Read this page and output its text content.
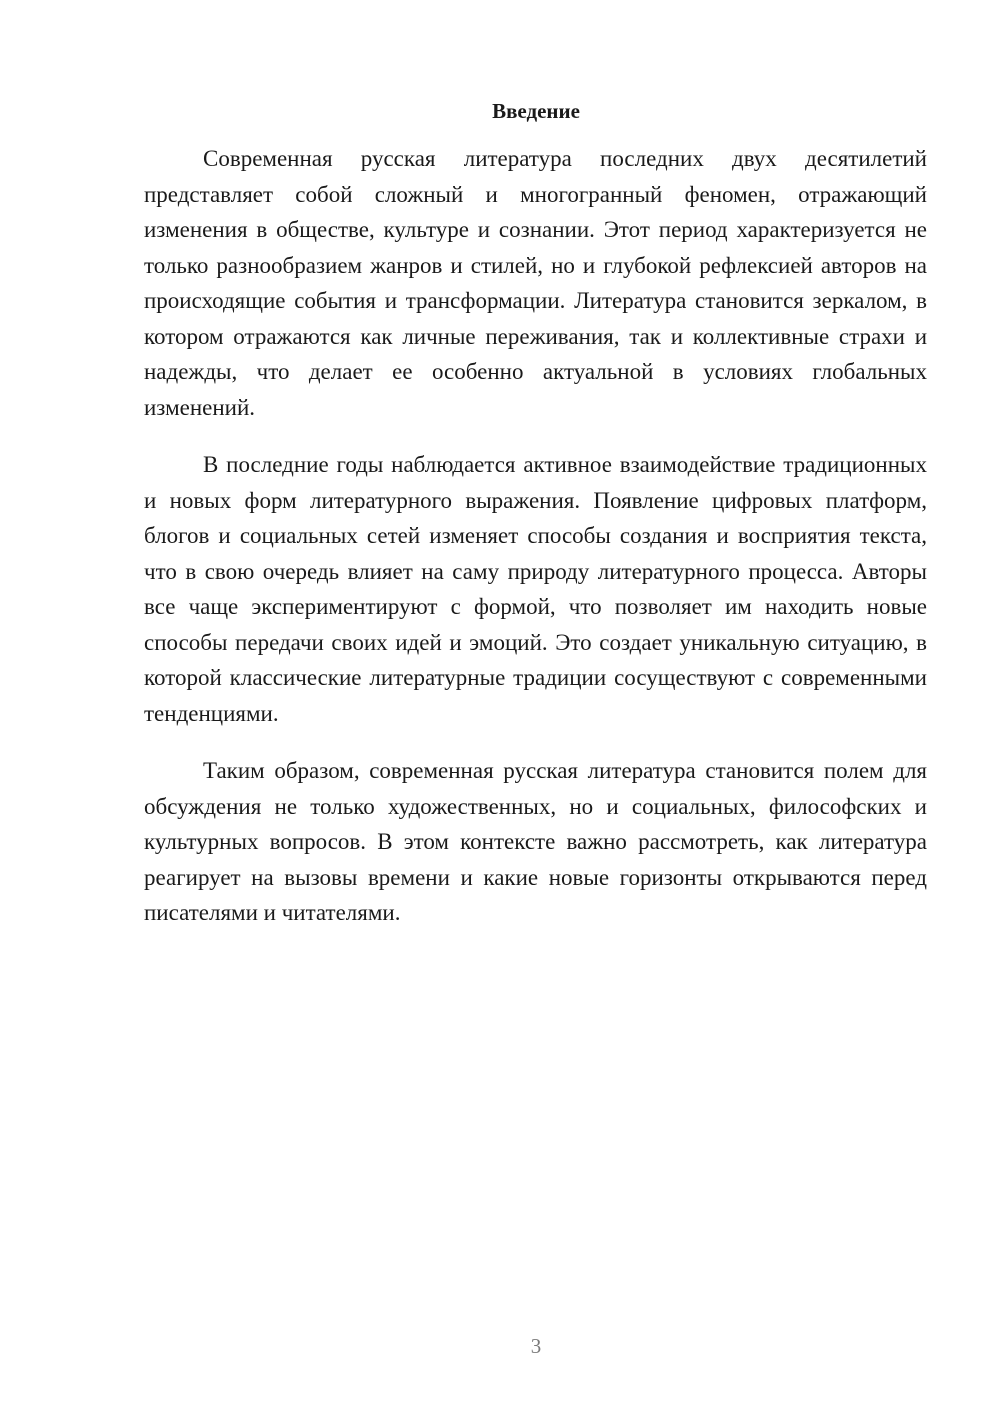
Введение

Современная русская литература последних двух десятилетий представляет собой сложный и многогранный феномен, отражающий изменения в обществе, культуре и сознании. Этот период характеризуется не только разнообразием жанров и стилей, но и глубокой рефлексией авторов на происходящие события и трансформации. Литература становится зеркалом, в котором отражаются как личные переживания, так и коллективные страхи и надежды, что делает ее особенно актуальной в условиях глобальных изменений.

В последние годы наблюдается активное взаимодействие традиционных и новых форм литературного выражения. Появление цифровых платформ, блогов и социальных сетей изменяет способы создания и восприятия текста, что в свою очередь влияет на саму природу литературного процесса. Авторы все чаще экспериментируют с формой, что позволяет им находить новые способы передачи своих идей и эмоций. Это создает уникальную ситуацию, в которой классические литературные традиции сосуществуют с современными тенденциями.

Таким образом, современная русская литература становится полем для обсуждения не только художественных, но и социальных, философских и культурных вопросов. В этом контексте важно рассмотреть, как литература реагирует на вызовы времени и какие новые горизонты открываются перед писателями и читателями.

3
